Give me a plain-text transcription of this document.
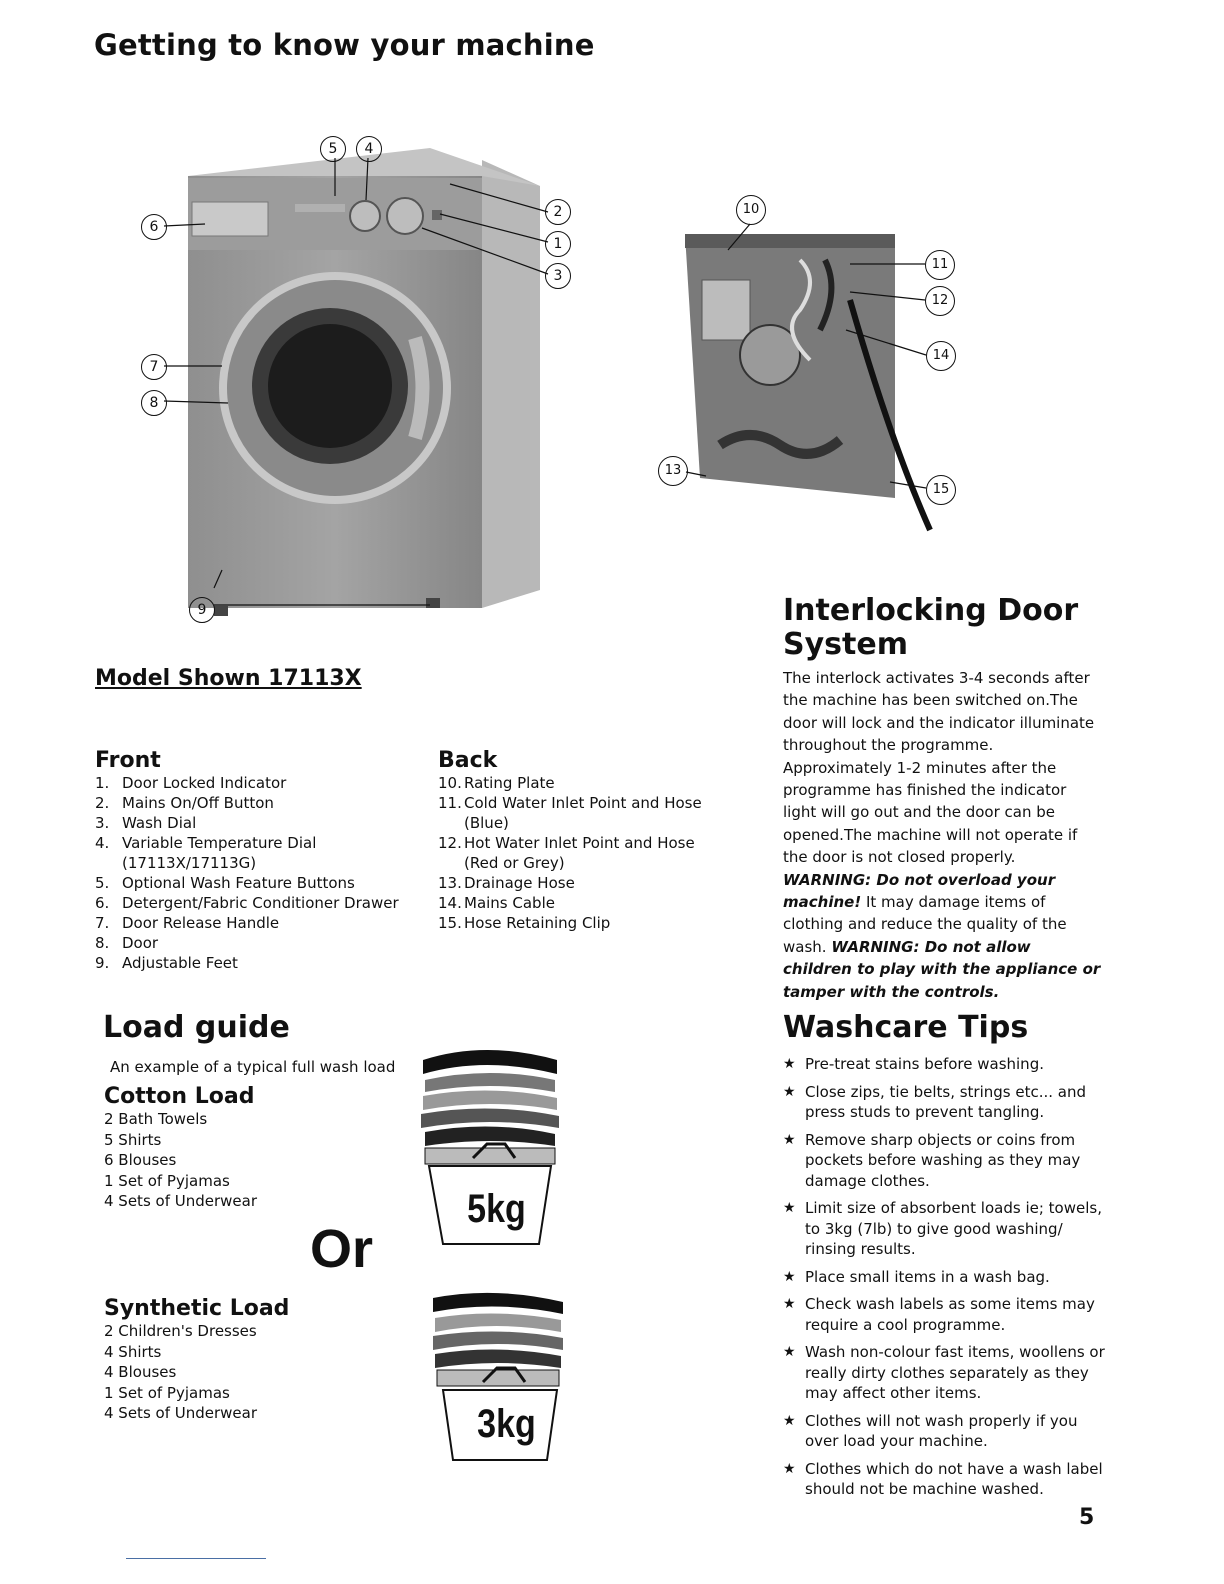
Getting to know your machine
5	4
2
1
3
6
7
8
9
10
11
12
14
13
15
Model Shown 17113X
Front
1. Door Locked Indicator
2. Mains On/Off Button
3. Wash Dial
4. Variable Temperature Dial
(17113X/17113G)
5. Optional Wash Feature Buttons
6. Detergent/Fabric Conditioner Drawer
7. Door Release Handle
8. Door
9. Adjustable Feet
Back
10. Rating Plate
11. Cold Water Inlet Point and Hose
(Blue)
12. Hot Water Inlet Point and Hose
(Red or Grey)
13. Drainage Hose
14. Mains Cable
15. Hose Retaining Clip
Interlocking Door
System
The interlock activates 3-4 seconds after the machine has been switched on.The door will lock and the indicator illuminate throughout the programme. Approximately 1-2 minutes after the programme has finished the indicator light will go out and the door can be opened.The machine will not operate if the door is not closed properly. WARNING: Do not overload your machine! It may damage items of clothing and reduce the quality of the wash. WARNING: Do not allow children to play with the appliance or tamper with the controls.
Load guide
An example of a typical full wash load
Cotton Load
2 Bath Towels
5 Shirts
6 Blouses
1 Set of Pyjamas
4 Sets of Underwear
Or
Synthetic Load
2 Children's Dresses
4 Shirts
4 Blouses
1 Set of Pyjamas
4 Sets of Underwear
5kg
3kg
Washcare Tips
★ Pre-treat stains before washing.
★ Close zips, tie belts, strings etc... and press studs to prevent tangling.
★ Remove sharp objects or coins from pockets before washing as they may damage clothes.
★ Limit size of absorbent loads ie; towels, to 3kg (7lb) to give good washing/ rinsing results.
★ Place small items in a wash bag.
★ Check wash labels as some items may require a cool programme.
★ Wash non-colour fast items, woollens or really dirty clothes separately as they may affect other items.
★ Clothes will not wash properly if you over load your machine.
★ Clothes which do not have a wash label should not be machine washed.
5
